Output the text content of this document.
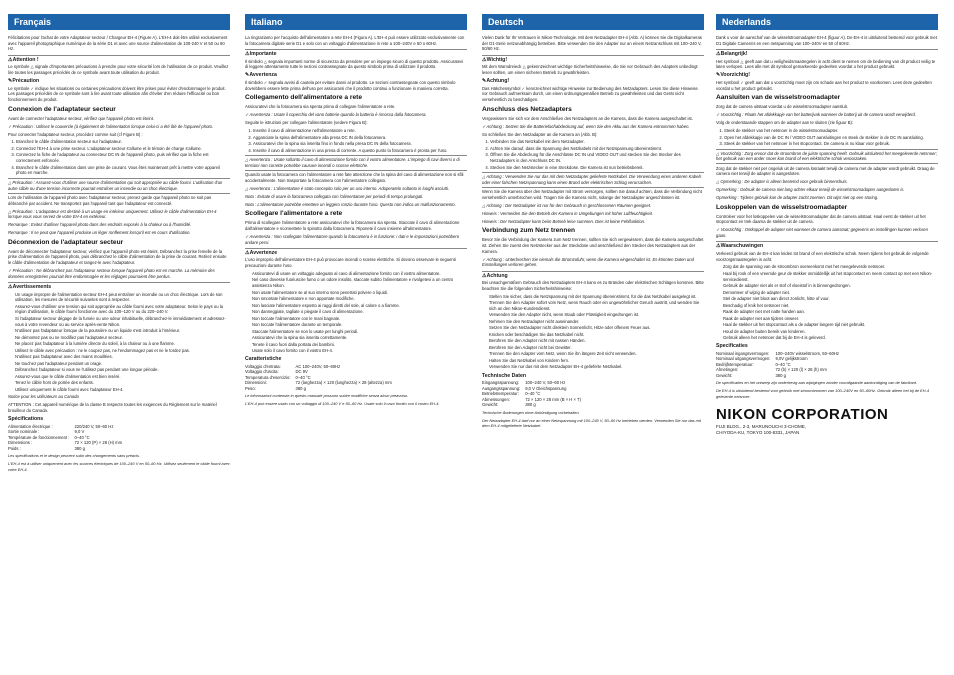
Français

Félicitations pour l'achat de votre Adaptateur secteur / Chargeur EH-4 (Figure A). L'EH-4 doit être utilisé exclusivement avec l'appareil photographique numérique de la série D1 et avec une source d'alimentation de 100-240 V et 50 ou 60 Hz.

⚠ Attention !

Le symbole △ signale d'importantes précautions à prendre pour votre sécurité lors de l'utilisation de ce produit. Veuillez lire toutes les passages précédés de ce symbole avant toute utilisation du produit.

✎ Précaution

Le symbole ✓ indique les situations ou certaines précautions doivent être prises pour éviter d'endommager le produit. Les passages précédés de ce symbole sont à lire avant toute utilisation afin d'éviter d'en réduire l'efficacité ou bon fonctionnement du produit.

Connexion de l'adaptateur secteur

Avant de connecter l'adaptateur secteur, vérifiez que l'appareil photo est éteint.

✓ Précaution : Utilisez le couvercle (à également de l'alimentation lorsque celui-ci a été ôté de l'appareil photo.

Pour connecter l'adaptateur secteur, procédez comme suit (cf Figure B) :

1. Branchez le câble d'alimentation secteur sur l'adaptateur.
2. Connectez l'EH-4 à une prise secteur. L'adaptateur secteur s'allume et le témoin de charge s'allume.
3. Connectez la fiche de l'adaptateur au connecteur DC IN de l'appareil photo, puis vérifiez que la fiche est correctement enfoncée.
4. Branchez le câble d'alimentation dans une prise de courant. Vous êtes maintenant prêt à mettre votre appareil photo en marche.

△ Précaution : Assurez-vous d'utiliser une source d'alimentation qui soit appropriée au câble fourni. L'utilisation d'un autre câble ou d'une tension incorrecte pourrait entraîner un incendie ou un choc électrique.

Lors de l'utilisation de l'appareil photo avec l'adaptateur secteur, prenez garde que l'appareil photo ne soit pas débranché par accident. Ne transportez pas l'appareil tant que l'adaptateur est connecté.

△ Précaution : L'adaptateur est destiné à un usage en intérieur uniquement. Utilisez le câble d'alimentation EH-4 lorsque vous vous servez de votre EH-4 en extérieur.

Remarque : Evitez d'utiliser l'appareil photo dans des endroits exposés à la chaleur ou à l'humidité.

Remarque : Il se peut que l'appareil produise un léger ronflement lorsqu'il est en cours d'utilisation.

Déconnexion de l'adaptateur secteur

Avant de déconnecter l'adaptateur secteur, vérifiez que l'appareil photo est éteint. Débranchez la prise femelle de la prise d'alimentation de l'appareil photo, puis débranchez le câble d'alimentation de la prise de courant. Retirez ensuite le câble d'alimentation de l'adaptateur et rangez-le avec l'adaptateur.

✓ Précaution : Ne débranchez pas l'adaptateur secteur lorsque l'appareil photo est en marche. La mémoire des données enregistrées pourrait être endommagée et les réglages pourraient être perdus.

⚠ Avertissements
• Un usage impropre de l'alimentation secteur EH-4 peut entraîner un incendie ou un choc électrique. Lors de son utilisation, les mesures de sécurité suivantes sont à respecter.
• Assurez-vous d'utiliser une tension qui soit appropriée au câble fourni avec votre adaptateur. Selon le pays ou la région d'utilisation, le câble fourni fonctionne avec du 100–120 V ou du 220–240 V.
• Si l'adaptateur secteur dégage de la fumée ou une odeur inhabituelle, débranchez-le immédiatement et adressez-vous à votre revendeur ou au service après-vente Nikon.
• N'utilisez pas l'adaptateur lorsque de la poussière ou un liquide s'est introduit à l'intérieur.
• Ne démontez pas ou ne modifiez pas l'adaptateur secteur.
• Ne placez pas l'adaptateur à la lumière directe du soleil, à la chaleur ou à une flamme.
• Utilisez le câble avec précaution : ne le coupez pas, ne l'endommagez pas et ne le tordez pas.
• N'utilisez pas l'adaptateur avec des mains mouillées.
• Ne touchez pas l'adaptateur pendant un orage.
• Débranchez l'adaptateur si vous ne l'utilisez pas pendant une longue période.
• Assurez-vous que le câble d'alimentation est bien inséré.
• Tenez le câble hors de portée des enfants.
• Utilisez uniquement le câble fourni avec l'adaptateur EH-4.

Notice pour les utilisateurs au Canada

ATTENTION : Cet appareil numérique de la classe B respecte toutes les exigences du Règlement sur le matériel brouilleur du Canada.

Spécifications
Alimentation électrique :	220/240 V, 50–60 Hz
Sortie nominale :	9,0 V
Température de fonctionnement :	0–40 °C
Dimensions :	72 × 120 (P) × 28 (H) mm
Poids :	380 g

Les spécifications et le design peuvent subir des changements sans préavis.

L'EH-4 est à utiliser uniquement avec les sources électriques de 100–240 V en 50–60 Hz. Utilisez seulement le câble fourni avec votre EH-4.

Italiano

La ringraziamo per l'acquisto dell'alimentatore a rete EH-4 (Figura A). L'EH-4 può essere utilizzato esclusivamente con la fotocamera digitale serie D1 e solo con un voltaggio d'alimentazione in rete a 100–240V e 50 o 60Hz.

⚠ Importante

Il simbolo △ segnala importanti norme di sicurezza da prendere per un impiego sicuro di questo prodotto. Assicuratevi di leggere attentamente tutte le sezioni contrassegnate da questo simbolo prima di utilizzare il prodotto.

✎ Avvertenza

Il simbolo ✓ segnala avvisi di cautela per evitare danni al prodotto. Le sezioni contrassegnate con questo simbolo dovrebbero essere lette prima dell'uso per assicurarsi che il prodotto continui a funzionare in maniera corretta.

Collegamento dell'alimentatore a rete

Assicuratevi che la fotocamera sia spenta prima di collegare l'alimentatore a rete.

✓ Avvertenza : Usate il coperchio del vano batterie quando la batteria è rimossa dalla fotocamera.

Seguite le istruzioni per collegare l'alimentatore (vedere Figura B):

1. Inserite il cavo di alimentazione nell'alimentatore a rete.
2. Agganciate la spina dell'alimentatore alla presa DC IN della fotocamera.
3. Assicuratevi che la spina sia inserita fino in fondo nella presa DC IN della fotocamera.
4. Inserite il cavo di alimentazione in una presa di corrente. A questo punto la fotocamera è pronta per l'uso.

△ Avvertenza : Usate soltanto il cavo di alimentazione fornito con il vostro alimentatore. L'impiego di cavi diversi o di tensioni non corrette potrebbe causare incendi o scosse elettriche.

Quando usate la fotocamera con l'alimentatore a rete fate attenzione che la spina del cavo di alimentazione non si sfili accidentalmente. Non trasportate la fotocamera con l'alimentatore collegato.

△ Avvertenza : L'alimentatore è stato concepito solo per un uso interno. Adoperatelo soltanto in luoghi asciutti.

Nota : Evitate di usare la fotocamera collegata con l'alimentatore per periodi di tempo prolungati.

Nota : L'alimentatore potrebbe emettere un leggero ronzio durante l'uso. Questo non indica un malfunzionamento.

Scollegare l'alimentatore a rete

Prima di scollegare l'alimentatore a rete assicuratevi che la fotocamera sia spenta. Staccate il cavo di alimentazione dall'alimentatore e sconnettete lo spinotto dalla fotocamera. Riponete il cavo insieme all'alimentatore.

✓ Avvertenza : Non scollegate l'alimentatore quando la fotocamera è in funzione: i dati e le impostazioni potrebbero andare persi.

⚠ Avvertenze

L'uso improprio dell'alimentatore EH-4 può provocare incendi o scosse elettriche. Si devono osservare le seguenti precauzioni durante l'uso.

• Assicuratevi di usare un voltaggio adeguato al cavo di alimentazione fornito con il vostro alimentatore.
• Nel caso dovesse fuoriuscire fumo o un odore insolito, staccate subito l'alimentatore e rivolgetevi a un centro assistenza Nikon.
• Non usate l'alimentatore se al suo interno sono penetrati polvere o liquidi.
• Non smontate l'alimentatore e non apportate modifiche.
• Non lasciate l'alimentatore esposto ai raggi diretti del sole, al calore o a fiamme.
• Non danneggiate, tagliate o piegate il cavo di alimentazione.
• Non toccate l'alimentatore con le mani bagnate.
• Non toccate l'alimentatore durante un temporale.
• Staccate l'alimentatore se non lo usate per lunghi periodi.
• Assicuratevi che la spina sia inserita correttamente.
• Tenete il cavo fuori dalla portata dei bambini.
• Usate solo il cavo fornito con il vostro EH-4.
Caratteristiche
Voltaggio d'entrata:	AC 100–240V, 50–60Hz
Voltaggio d'uscita:	DC 9V
Temperatura d'esercizio:	0–40 °C
Dimensioni:	72 (larghezza) × 120 (lunghezza) × 28 (altezza) mm
Peso:	380 g

Le informazioni contenute in questo manuale possono subire modifiche senza alcun preavviso.

L'EH-4 può essere usato con un voltaggio di 100–240 V e 50–60 Hz. Usate solo il cavo fornito con il vostro EH-4.

Deutsch

Vielen Dank für Ihr Vertrauen in Nikon-Technologie. Mit dem Netzadapter EH-4 (Abb. A) können Sie die Digitalkameras der D1-Serie netzunabhängig betreiben. Bitte verwenden Sie den Adapter nur an einem Netzanschluss mit 100–240 V, 50/60 Hz.

⚠ Wichtig!

Mit dem Warndreieck △ gekennzeichnet wichtige Sicherheitshinweise, die Sie vor Gebrauch des Adapters unbedingt lesen sollten, um einen sicheren Betrieb zu gewährleisten.

✎ Achtung!

Das Häkchensymbol ✓ kennzeichnet wichtige Hinweise zur Bedienung des Netzadapters. Lesen Sie diese Hinweise vor Gebrauch aufmerksam durch, um einen ordnungsgemäßen Betrieb zu gewährleisten und das Gerät nicht versehentlich zu beschädigen.

Anschluss des Netzadapters

Vergewissern Sie sich vor dem Anschließen des Netzadapters an die Kamera, dass die Kamera ausgeschaltet ist.

✓ Achtung : Setzen Sie die Batteriefachabdeckung auf, wenn Sie den Akku aus der Kamera entnommen haben.

So schließen Sie den Netzadapter an die Kamera an (Abb. B):

1. Verbinden Sie das Netzkabel mit dem Netzadapter.
2. Achten Sie darauf, dass die Spannung des Netzkabels mit der Netzspannung übereinstimmt.
3. Öffnen Sie die Abdeckung für die Anschlüsse DC IN und VIDEO OUT und stecken Sie den Stecker des Netzadapters in den Anschluss DC IN.
4. Stecken Sie den Netzstecker in eine Steckdose. Die Kamera ist nun betriebsbereit.

△ Achtung : Verwenden Sie nur das mit dem Netzadapter gelieferte Netzkabel. Die Verwendung eines anderen Kabels oder einer falschen Netzspannung kann einen Brand oder elektrischen Schlag verursachen.

Wenn Sie die Kamera über den Netzadapter mit Strom versorgen, sollten Sie darauf achten, dass die Verbindung nicht versehentlich unterbrochen wird. Tragen Sie die Kamera nicht, solange der Netzadapter angeschlossen ist.

△ Achtung : Der Netzadapter ist nur für den Gebrauch in geschlossenen Räumen geeignet.

Hinweis : Vermeiden Sie den Betrieb der Kamera in Umgebungen mit hoher Luftfeuchtigkeit.

Hinweis : Der Netzadapter kann beim Betrieb leise summen. Dies ist keine Fehlfunktion.

Verbindung zum Netz trennen

Bevor Sie die Verbindung der Kamera zum Netz trennen, sollten Sie sich vergewissern, dass die Kamera ausgeschaltet ist. Ziehen Sie zuerst den Netzstecker aus der Steckdose und anschließend den Stecker des Netzadapters aus der Kamera.

✓ Achtung : Unterbrechen Sie niemals die Stromzufuhr, wenn die Kamera eingeschaltet ist. Es könnten Daten und Einstellungen verloren gehen.

⚠ Achtung

Bei unsachgemäßem Gebrauch des Netzadapters EH-4 kann es zu Bränden oder elektrischen Schlägen kommen. Bitte beachten Sie die folgenden Sicherheitshinweise:

• Stellen Sie sicher, dass die Netzspannung mit der Spannung übereinstimmt, für die das Netzkabel ausgelegt ist.
• Trennen Sie den Adapter sofort vom Netz, wenn Rauch oder ein ungewöhnlicher Geruch austritt, und wenden Sie sich an den Nikon-Kundendienst.
• Verwenden Sie den Adapter nicht, wenn Staub oder Flüssigkeit eingedrungen ist.
• Nehmen Sie den Netzadapter nicht auseinander.
• Setzen Sie den Netzadapter nicht direktem Sonnenlicht, Hitze oder offenem Feuer aus.
• Knicken oder beschädigen Sie das Netzkabel nicht.
• Berühren Sie den Adapter nicht mit nassen Händen.
• Berühren Sie den Adapter nicht bei Gewitter.
• Trennen Sie den Adapter vom Netz, wenn Sie ihn längere Zeit nicht verwenden.
• Halten Sie das Netzkabel von Kindern fern.
• Verwenden Sie nur das mit dem Netzadapter EH-4 gelieferte Netzkabel.
Technische Daten
Eingangsspannung:	100–240 V, 50–60 Hz
Ausgangsspannung:	9,0 V Gleichspannung
Betriebstemperatur:	0–40 °C
Abmessungen:	72 × 120 × 28 mm (B × H × T)
Gewicht:	380 g

Technische Änderungen ohne Ankündigung vorbehalten.

Der Netzadapter EH-4 darf nur an einer Netzspannung mit 100–240 V, 50–60 Hz betrieben werden. Verwenden Sie nur das mit dem EH-4 mitgelieferte Netzkabel.

Nederlands

Dank u voor de aanschaf van de wisselstroomadapter EH-4 (figuur A). De EH-4 is uitsluitend bestemd voor gebruik met D1 Digitale Camera's en een netspanning van 100–240V en 50 of 60Hz.

⚠ Belangrijk!

Het symbool △ geeft aan dat u veiligheidsmaatregelen in acht dient te nemen om de bediening van dit product veilig te laten verlopen. Lees alle met dit symbool gemarkeerde gedeelten voordat u het product gebruikt.

✎ Voorzichtig!

Het symbool ✓ geeft aan dat u voorzichtig moet zijn om schade aan het product te voorkomen. Lees deze gedeelten voordat u het product gebruikt.

Aansluiten van de wisselstroomadapter

Zorg dat de camera uitstaat voordat u de wisselstroomadapter aansluit.

✓ Voorzichtig : Plaats het afdekkapje van het batterijvak wanneer de batterij uit de camera wordt verwijderd.

Volg de onderstaande stappen om de adapter aan te sluiten (zie figuur B):

1. Steek de stekker van het netsnoer in de wisselstroomadapter.
2. Open het afdekkapje van de DC IN / VIDEO OUT aansluitingen en steek de stekker in de DC IN aansluiting.
3. Steek de stekker van het netsnoer in het stopcontact. De camera is nu klaar voor gebruik.

△ Voorzichtig : Zorg ervoor dat de stroombron de juiste spanning heeft. Gebruik uitsluitend het meegeleverde netsnoer; het gebruik van een ander snoer kan brand of een elektrische schok veroorzaken.

Zorg dat de stekker niet per ongeluk uit de camera losraakt terwijl de camera met de adapter wordt gebruikt. Draag de camera niet terwijl de adapter is aangesloten.

△ Opmerking : De adapter is alleen bestemd voor gebruik binnenshuis.

Opmerking : Gebruik de camera niet lang achter elkaar terwijl de wisselstroomadapter aangesloten is.

Opmerking : Tijdens gebruik kan de adapter zacht zoemen. Dit wijst niet op een storing.

Loskoppelen van de wisselstroomadapter

Controleer voor het loskoppelen van de wisselstroomadapter dat de camera uitstaat. Haal eerst de stekker uit het stopcontact en trek daarna de stekker uit de camera.

✓ Voorzichtig : Ontkoppel de adapter niet wanneer de camera aanstaat; gegevens en instellingen kunnen verloren gaan.

⚠ Waarschuwingen

Verkeerd gebruik van de EH-4 kan leiden tot brand of een elektrische schok. Neem tijdens het gebruik de volgende voorzorgsmaatregelen in acht.

• Zorg dat de spanning van de stroombron overeenkomt met het meegeleverde netsnoer.
• Haal bij rook of een vreemde geur de stekker onmiddellijk uit het stopcontact en neem contact op met een Nikon-servicedienst.
• Gebruik de adapter niet als er stof of vloeistof in is binnengedrongen.
• Demonteer of wijzig de adapter niet.
• Stel de adapter niet bloot aan direct zonlicht, hitte of vuur.
• Beschadig of knik het netsnoer niet.
• Raak de adapter niet met natte handen aan.
• Raak de adapter niet aan tijdens onweer.
• Haal de stekker uit het stopcontact als u de adapter langere tijd niet gebruikt.
• Houd de adapter buiten bereik van kinderen.
• Gebruik alleen het netsnoer dat bij de EH-4 is geleverd.
Specificaties
Nominaal ingangsvermogen:	100–240V wisselstroom, 50–60Hz
Nominaal uitgangsvermogen:	9,0V gelijkstroom
Bedrijfstemperatuur:	0–40 °C
Afmetingen:	72 (b) × 120 (l) × 28 (h) mm
Gewicht:	380 g

De specificaties en het ontwerp zijn onderhevig aan wijzigingen zonder voorafgaande aankondiging van de fabrikant.

De EH-4 is uitsluitend bestemd voor gebruik met stroombronnen van 100–240V en 50–60Hz. Gebruik alleen het bij de EH-4 geleverde netsnoer.

NIKON CORPORATION
FUJI BLDG., 2-3, MARUNOUCHI 3-CHOME,
CHIYODA-KU, TOKYO 100-8331, JAPAN
